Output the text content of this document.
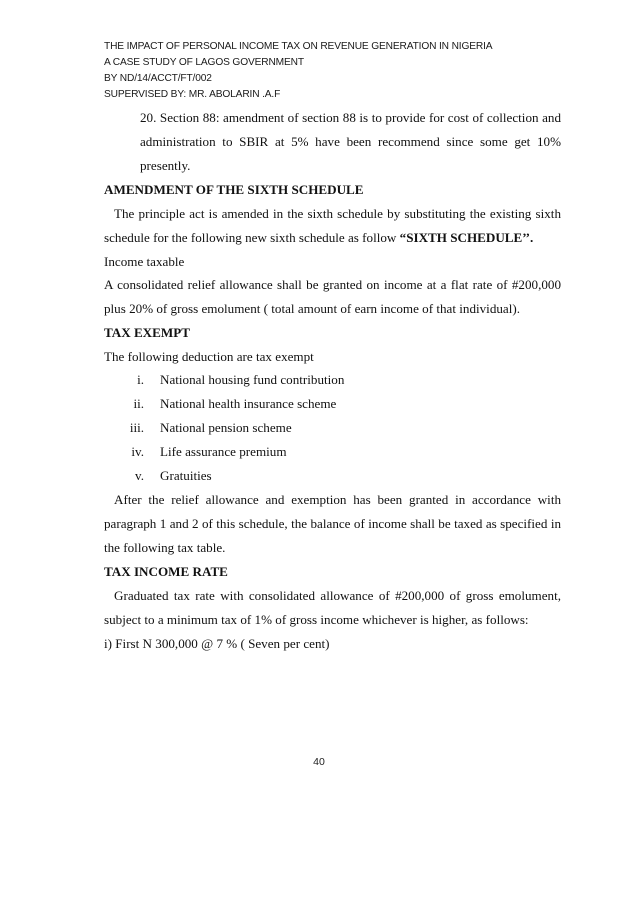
THE IMPACT OF PERSONAL INCOME TAX ON REVENUE GENERATION IN NIGERIA
A CASE STUDY OF LAGOS GOVERNMENT
BY ND/14/ACCT/FT/002
SUPERVISED BY: MR. ABOLARIN .A.F

20. Section 88: amendment of section 88 is to provide for cost of collection and administration to SBIR at 5% have been recommend since some get 10% presently.

AMENDMENT OF THE SIXTH SCHEDULE

The principle act is amended in the sixth schedule by substituting the existing sixth schedule for the following new sixth schedule as follow “SIXTH SCHEDULE’’.

Income taxable

A consolidated relief allowance shall be granted on income at a flat rate of #200,000 plus 20% of gross emolument ( total amount of earn income of that individual).

TAX EXEMPT

The following deduction are tax exempt

i.	National housing fund contribution
ii.	National health insurance scheme
iii.	National pension scheme
iv.	Life assurance premium
v.	Gratuities

After the relief allowance and exemption has been granted in accordance with paragraph 1 and 2 of this schedule, the balance of income shall be taxed as specified in the following tax table.

TAX INCOME RATE

Graduated tax rate with consolidated allowance of #200,000 of gross emolument, subject to a minimum tax of 1% of gross income whichever is higher, as follows:

i) First N 300,000 @ 7 % ( Seven per cent)

40
